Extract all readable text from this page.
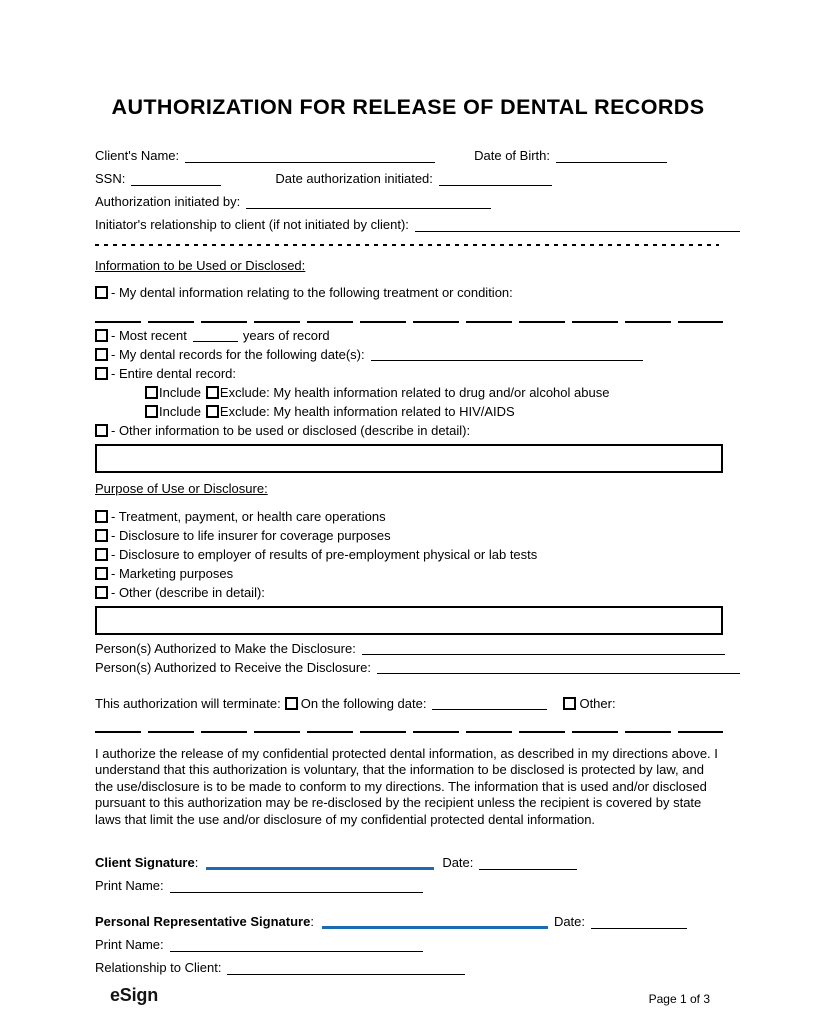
AUTHORIZATION FOR RELEASE OF DENTAL RECORDS
Client's Name:	Date of Birth:
SSN:	Date authorization initiated:
Authorization initiated by:
Initiator's relationship to client (if not initiated by client):
Information to be Used or Disclosed:
- My dental information relating to the following treatment or condition:
- Most recent	years of record
- My dental records for the following date(s):
- Entire dental record:
Include Exclude: My health information related to drug and/or alcohol abuse
Include Exclude: My health information related to HIV/AIDS
- Other information to be used or disclosed (describe in detail):
Purpose of Use or Disclosure:
- Treatment, payment, or health care operations
- Disclosure to life insurer for coverage purposes
- Disclosure to employer of results of pre-employment physical or lab tests
- Marketing purposes
- Other (describe in detail):
Person(s) Authorized to Make the Disclosure:
Person(s) Authorized to Receive the Disclosure:
This authorization will terminate: On the following date:	Other:
I authorize the release of my confidential protected dental information, as described in my directions above. I understand that this authorization is voluntary, that the information to be disclosed is protected by law, and the use/disclosure is to be made to conform to my directions. The information that is used and/or disclosed pursuant to this authorization may be re-disclosed by the recipient unless the recipient is covered by state laws that limit the use and/or disclosure of my confidential protected dental information.
Client Signature :	Date:
Print Name:
Personal Representative Signature :	Date:
Print Name:
Relationship to Client:
eSign	Page 1 of 3
